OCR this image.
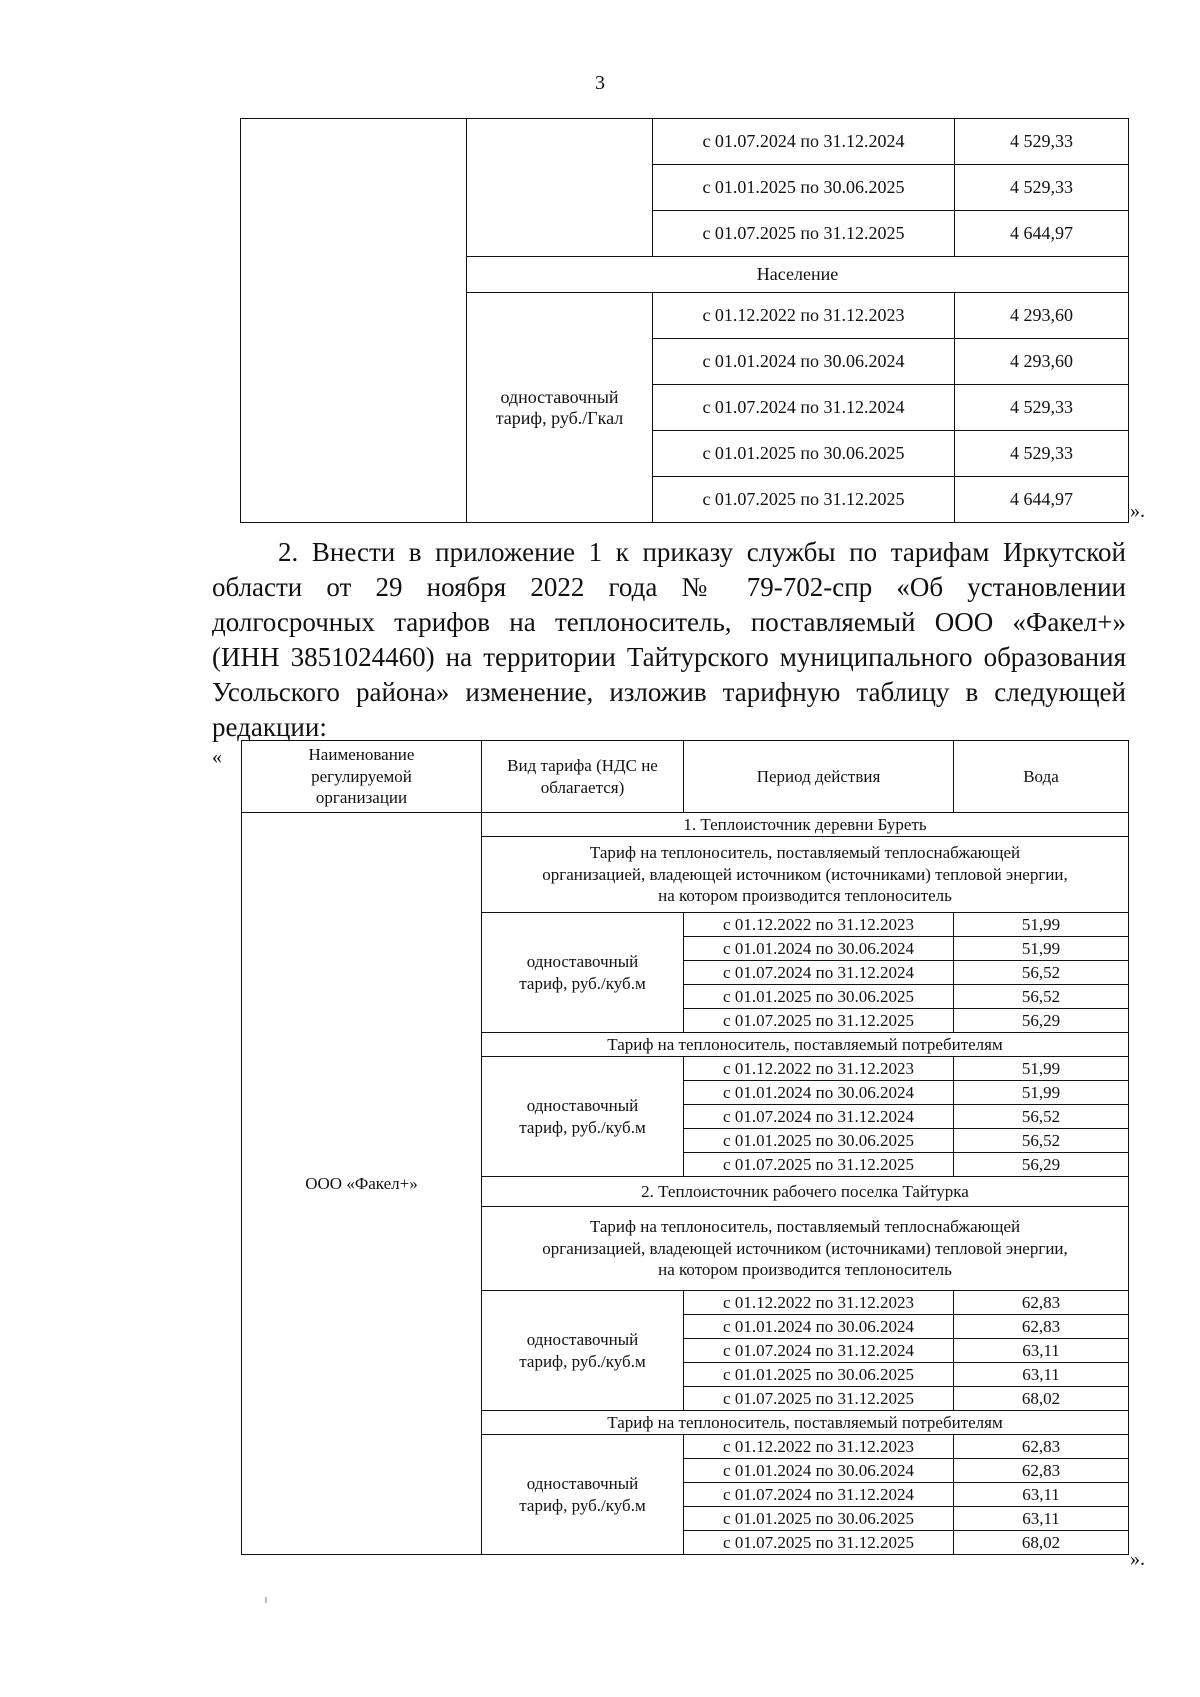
3
		с 01.07.2024 по 31.12.2024	4 529,33
		с 01.01.2025 по 30.06.2025	4 529,33
		с 01.07.2025 по 31.12.2025	4 644,97
	Население		
	одноставочный тариф, руб./Гкал	с 01.12.2022 по 31.12.2023	4 293,60
		с 01.01.2024 по 30.06.2024	4 293,60
		с 01.07.2024 по 31.12.2024	4 529,33
		с 01.01.2025 по 30.06.2025	4 529,33
		с 01.07.2025 по 31.12.2025	4 644,97
».
2. Внести в приложение 1 к приказу службы по тарифам Иркутской области от 29 ноября 2022 года № 79-702-спр «Об установлении долгосрочных тарифов на теплоноситель, поставляемый ООО «Факел+» (ИНН 3851024460) на территории Тайтурского муниципального образования Усольского района» изменение, изложив тарифную таблицу в следующей редакции:
«	Наименование регулируемой организации	Вид тарифа (НДС не облагается)	Период действия	Вода
ООО «Факел+»	1. Теплоисточник деревни Буреть		
	Тариф на теплоноситель, поставляемый теплоснабжающей организацией, владеющей источником (источниками) тепловой энергии, на котором производится теплоноситель		
	одноставочный тариф, руб./куб.м	с 01.12.2022 по 31.12.2023	51,99
		с 01.01.2024 по 30.06.2024	51,99
		с 01.07.2024 по 31.12.2024	56,52
		с 01.01.2025 по 30.06.2025	56,52
		с 01.07.2025 по 31.12.2025	56,29
	Тариф на теплоноситель, поставляемый потребителям		
	одноставочный тариф, руб./куб.м	с 01.12.2022 по 31.12.2023	51,99
		с 01.01.2024 по 30.06.2024	51,99
		с 01.07.2024 по 31.12.2024	56,52
		с 01.01.2025 по 30.06.2025	56,52
		с 01.07.2025 по 31.12.2025	56,29
	2. Теплоисточник рабочего поселка Тайтурка		
	Тариф на теплоноситель, поставляемый теплоснабжающей организацией, владеющей источником (источниками) тепловой энергии, на котором производится теплоноситель		
	одноставочный тариф, руб./куб.м	с 01.12.2022 по 31.12.2023	62,83
		с 01.01.2024 по 30.06.2024	62,83
		с 01.07.2024 по 31.12.2024	63,11
		с 01.01.2025 по 30.06.2025	63,11
		с 01.07.2025 по 31.12.2025	68,02
	Тариф на теплоноситель, поставляемый потребителям		
	одноставочный тариф, руб./куб.м	с 01.12.2022 по 31.12.2023	62,83
		с 01.01.2024 по 30.06.2024	62,83
		с 01.07.2024 по 31.12.2024	63,11
		с 01.01.2025 по 30.06.2025	63,11
		с 01.07.2025 по 31.12.2025	68,02
».
